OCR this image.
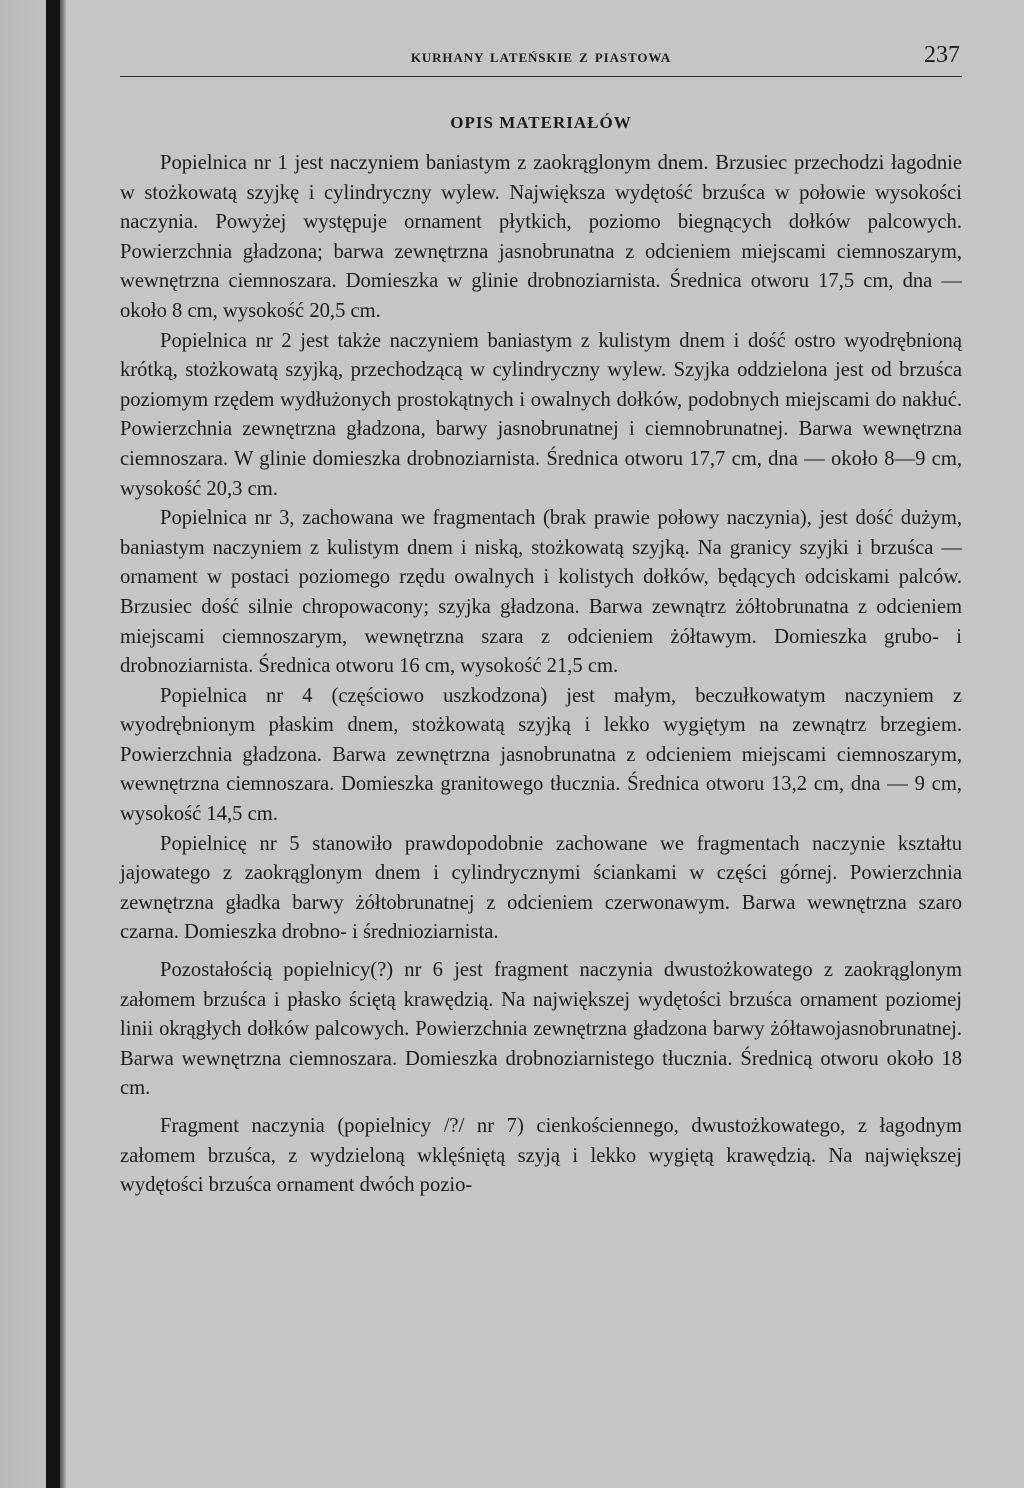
KURHANY LATEŃSKIE Z PIASTOWA	237
OPIS MATERIAŁÓW

Popielnica nr 1 jest naczyniem baniastym z zaokrąglonym dnem. Brzusiec przechodzi łagodnie w stożkowatą szyjkę i cylindryczny wylew. Największa wydętość brzuśca w połowie wysokości naczynia. Powyżej występuje ornament płytkich, poziomo biegnących dołków palcowych. Powierzchnia gładzona; barwa zewnętrzna jasnobrunatna z odcieniem miejscami ciemnoszarym, wewnętrzna ciemnoszara. Domieszka w glinie drobnoziarnista. Średnica otworu 17,5 cm, dna — około 8 cm, wysokość 20,5 cm.

Popielnica nr 2 jest także naczyniem baniastym z kulistym dnem i dość ostro wyodrębnioną krótką, stożkowatą szyjką, przechodzącą w cylindryczny wylew. Szyjka oddzielona jest od brzuśca poziomym rzędem wydłużonych prostokątnych i owalnych dołków, podobnych miejscami do nakłuć. Powierzchnia zewnętrzna gładzona, barwy jasnobrunatnej i ciemnobrunatnej. Barwa wewnętrzna ciemnoszara. W glinie domieszka drobnoziarnista. Średnica otworu 17,7 cm, dna — około 8—9 cm, wysokość 20,3 cm.

Popielnica nr 3, zachowana we fragmentach (brak prawie połowy naczynia), jest dość dużym, baniastym naczyniem z kulistym dnem i niską, stożkowatą szyjką. Na granicy szyjki i brzuśca — ornament w postaci poziomego rzędu owalnych i kolistych dołków, będących odciskami palców. Brzusiec dość silnie chropowacony; szyjka gładzona. Barwa zewnątrz żółtobrunatna z odcieniem miejscami ciemnoszarym, wewnętrzna szara z odcieniem żółtawym. Domieszka grubo- i drobnoziarnista. Średnica otworu 16 cm, wysokość 21,5 cm.

Popielnica nr 4 (częściowo uszkodzona) jest małym, beczułkowatym naczyniem z wyodrębnionym płaskim dnem, stożkowatą szyjką i lekko wygiętym na zewnątrz brzegiem. Powierzchnia gładzona. Barwa zewnętrzna jasnobrunatna z odcieniem miejscami ciemnoszarym, wewnętrzna ciemnoszara. Domieszka granitowego tłucznia. Średnica otworu 13,2 cm, dna — 9 cm, wysokość 14,5 cm.

Popielnicę nr 5 stanowiło prawdopodobnie zachowane we fragmentach naczynie kształtu jajowatego z zaokrąglonym dnem i cylindrycznymi ściankami w części górnej. Powierzchnia zewnętrzna gładka barwy żółtobrunatnej z odcieniem czerwonawym. Barwa wewnętrzna szaro czarna. Domieszka drobno- i średnioziarnista.

Pozostałością popielnicy(?) nr 6 jest fragment naczynia dwustożkowatego z zaokrąglonym załomem brzuśca i płasko ściętą krawędzią. Na największej wydętości brzuśca ornament poziomej linii okrągłych dołków palcowych. Powierzchnia zewnętrzna gładzona barwy żółtawojasnobrunatnej. Barwa wewnętrzna ciemnoszara. Domieszka drobnoziarnistego tłucznia. Średnicą otworu około 18 cm.

Fragment naczynia (popielnicy /?/ nr 7) cienkościennego, dwustożkowatego, z łagodnym załomem brzuśca, z wydzieloną wklęśniętą szyją i lekko wygiętą krawędzią. Na największej wydętości brzuśca ornament dwóch pozio-
